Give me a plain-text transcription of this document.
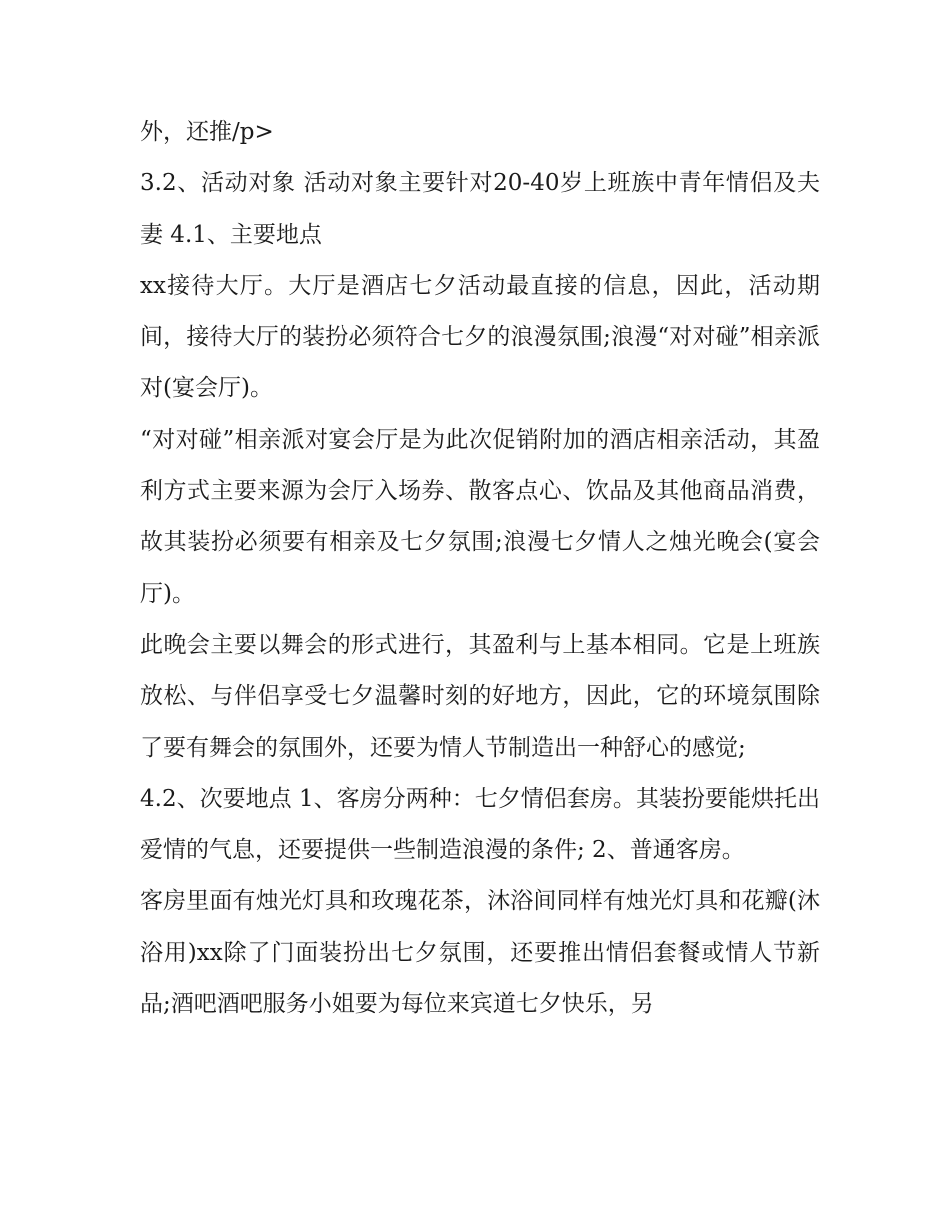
外，还推/p>

3.2、活动对象 活动对象主要针对20-40岁上班族中青年情侣及夫妻 4.1、主要地点

xx接待大厅。大厅是酒店七夕活动最直接的信息，因此，活动期间，接待大厅的装扮必须符合七夕的浪漫氛围;浪漫“对对碰”相亲派对(宴会厅)。

“对对碰”相亲派对宴会厅是为此次促销附加的酒店相亲活动，其盈利方式主要来源为会厅入场券、散客点心、饮品及其他商品消费，故其装扮必须要有相亲及七夕氛围;浪漫七夕情人之烛光晚会(宴会厅)。

此晚会主要以舞会的形式进行，其盈利与上基本相同。它是上班族放松、与伴侣享受七夕温馨时刻的好地方，因此，它的环境氛围除了要有舞会的氛围外，还要为情人节制造出一种舒心的感觉;

4.2、次要地点 1、客房分两种：七夕情侣套房。其装扮要能烘托出爱情的气息，还要提供一些制造浪漫的条件; 2、普通客房。

客房里面有烛光灯具和玫瑰花茶，沐浴间同样有烛光灯具和花瓣(沐浴用)xx除了门面装扮出七夕氛围，还要推出情侣套餐或情人节新品;酒吧酒吧服务小姐要为每位来宾道七夕快乐，另
